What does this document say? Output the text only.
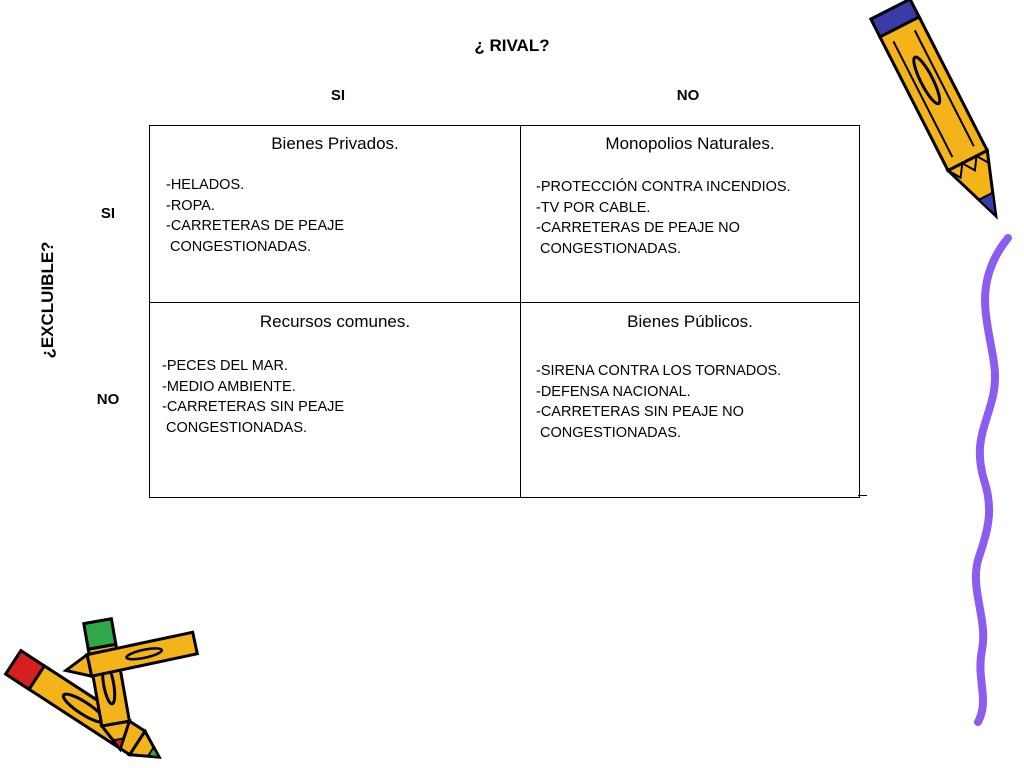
¿ RIVAL?
SI	NO
SI
NO
¿EXCLUIBLE?
Bienes Privados.
-HELADOS.
-ROPA.
-CARRETERAS DE PEAJE
CONGESTIONADAS.
Monopolios Naturales.
-PROTECCIÓN CONTRA INCENDIOS.
-TV POR CABLE.
-CARRETERAS DE PEAJE NO
CONGESTIONADAS.
Recursos comunes.
-PECES DEL MAR.
-MEDIO AMBIENTE.
-CARRETERAS SIN PEAJE
CONGESTIONADAS.
Bienes Públicos.
-SIRENA CONTRA LOS TORNADOS.
-DEFENSA NACIONAL.
-CARRETERAS SIN PEAJE NO
CONGESTIONADAS.
